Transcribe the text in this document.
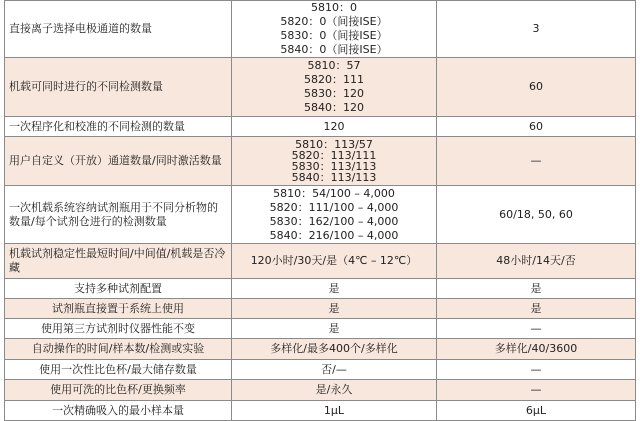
直接离子选择电极通道的数量	5810：0
5820：0（间接ISE）
5830：0（间接ISE）
5840：0（间接ISE）	3
机载可同时进行的不同检测数量	5810：57
5820：111
5830：120
5840：120	60
一次程序化和校准的不同检测的数量	120	60
用户自定义（开放）通道数量/同时激活数量	5810：113/57
5820：113/111
5830：113/113
5840：113/113	—
一次机载系统容纳试剂瓶用于不同分析物的数量/每个试剂仓进行的检测数量	5810：54/100 – 4,000
5820：111/100 – 4,000
5830：162/100 – 4,000
5840：216/100 – 4,000	60/18, 50, 60
机载试剂稳定性最短时间/中间值/机载是否冷藏	120小时/30天/是（4℃ – 12℃）	48小时/14天/否
支持多种试剂配置	是	是
试剂瓶直接置于系统上使用	是	是
使用第三方试剂时仪器性能不变	是	—
自动操作的时间/样本数/检测或实验	多样化/最多400个/多样化	多样化/40/3600
使用一次性比色杯/最大储存数量	否/—	—
使用可洗的比色杯/更换频率	是/永久	—
一次精确吸入的最小样本量	1μL	6μL
